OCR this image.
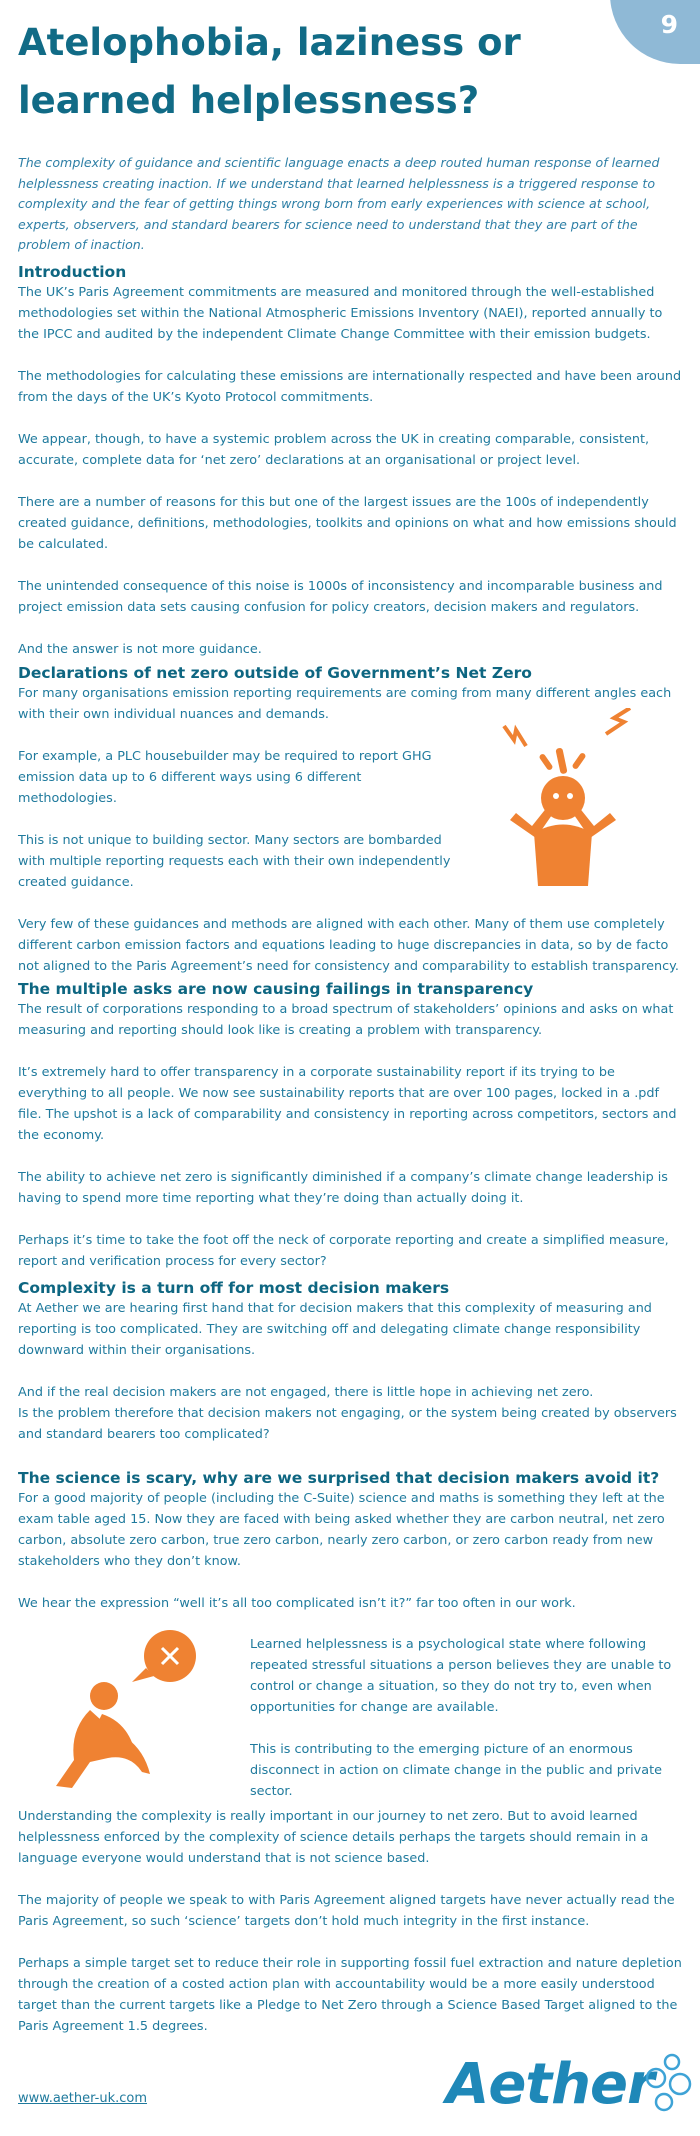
9
Atelophobia, laziness or learned helplessness?

The complexity of guidance and scientific language enacts a deep routed human response of learned helplessness creating inaction. If we understand that learned helplessness is a triggered response to complexity and the fear of getting things wrong born from early experiences with science at school, experts, observers, and standard bearers for science need to understand that they are part of the problem of inaction.

Introduction

The UK’s Paris Agreement commitments are measured and monitored through the well-established methodologies set within the National Atmospheric Emissions Inventory (NAEI), reported annually to the IPCC and audited by the independent Climate Change Committee with their emission budgets.

The methodologies for calculating these emissions are internationally respected and have been around from the days of the UK’s Kyoto Protocol commitments.

We appear, though, to have a systemic problem across the UK in creating comparable, consistent, accurate, complete data for ‘net zero’ declarations at an organisational or project level.

There are a number of reasons for this but one of the largest issues are the 100s of independently created guidance, definitions, methodologies, toolkits and opinions on what and how emissions should be calculated.

The unintended consequence of this noise is 1000s of inconsistency and incomparable business and project emission data sets causing confusion for policy creators, decision makers and regulators.

And the answer is not more guidance.

Declarations of net zero outside of Government’s Net Zero

For many organisations emission reporting requirements are coming from many different angles each with their own individual nuances and demands.

For example, a PLC housebuilder may be required to report GHG emission data up to 6 different ways using 6 different methodologies.

This is not unique to building sector. Many sectors are bombarded with multiple reporting requests each with their own independently created guidance.

Very few of these guidances and methods are aligned with each other. Many of them use completely different carbon emission factors and equations leading to huge discrepancies in data, so by de facto not aligned to the Paris Agreement’s need for consistency and comparability to establish transparency.

The multiple asks are now causing failings in transparency

The result of corporations responding to a broad spectrum of stakeholders’ opinions and asks on what measuring and reporting should look like is creating a problem with transparency.

It’s extremely hard to offer transparency in a corporate sustainability report if its trying to be everything to all people. We now see sustainability reports that are over 100 pages, locked in a .pdf file. The upshot is a lack of comparability and consistency in reporting across competitors, sectors and the economy.

The ability to achieve net zero is significantly diminished if a company’s climate change leadership is having to spend more time reporting what they’re doing than actually doing it.

Perhaps it’s time to take the foot off the neck of corporate reporting and create a simplified measure, report and verification process for every sector?

Complexity is a turn off for most decision makers

At Aether we are hearing first hand that for decision makers that this complexity of measuring and reporting is too complicated. They are switching off and delegating climate change responsibility downward within their organisations.

And if the real decision makers are not engaged, there is little hope in achieving net zero.

Is the problem therefore that decision makers not engaging, or the system being created by observers and standard bearers too complicated?

The science is scary, why are we surprised that decision makers avoid it?

For a good majority of people (including the C-Suite) science and maths is something they left at the exam table aged 15. Now they are faced with being asked whether they are carbon neutral, net zero carbon, absolute zero carbon, true zero carbon, nearly zero carbon, or zero carbon ready from new stakeholders who they don’t know.

We hear the expression “well it’s all too complicated isn’t it?” far too often in our work.

Learned helplessness is a psychological state where following repeated stressful situations a person believes they are unable to control or change a situation, so they do not try to, even when opportunities for change are available.

This is contributing to the emerging picture of an enormous disconnect in action on climate change in the public and private sector.

Understanding the complexity is really important in our journey to net zero. But to avoid learned helplessness enforced by the complexity of science details perhaps the targets should remain in a language everyone would understand that is not science based.

The majority of people we speak to with Paris Agreement aligned targets have never actually read the Paris Agreement, so such ‘science’ targets don’t hold much integrity in the first instance.

Perhaps a simple target set to reduce their role in supporting fossil fuel extraction and nature depletion through the creation of a costed action plan with accountability would be a more easily understood target than the current targets like a Pledge to Net Zero through a Science Based Target aligned to the Paris Agreement 1.5 degrees.

www.aether-uk.com	Aether
